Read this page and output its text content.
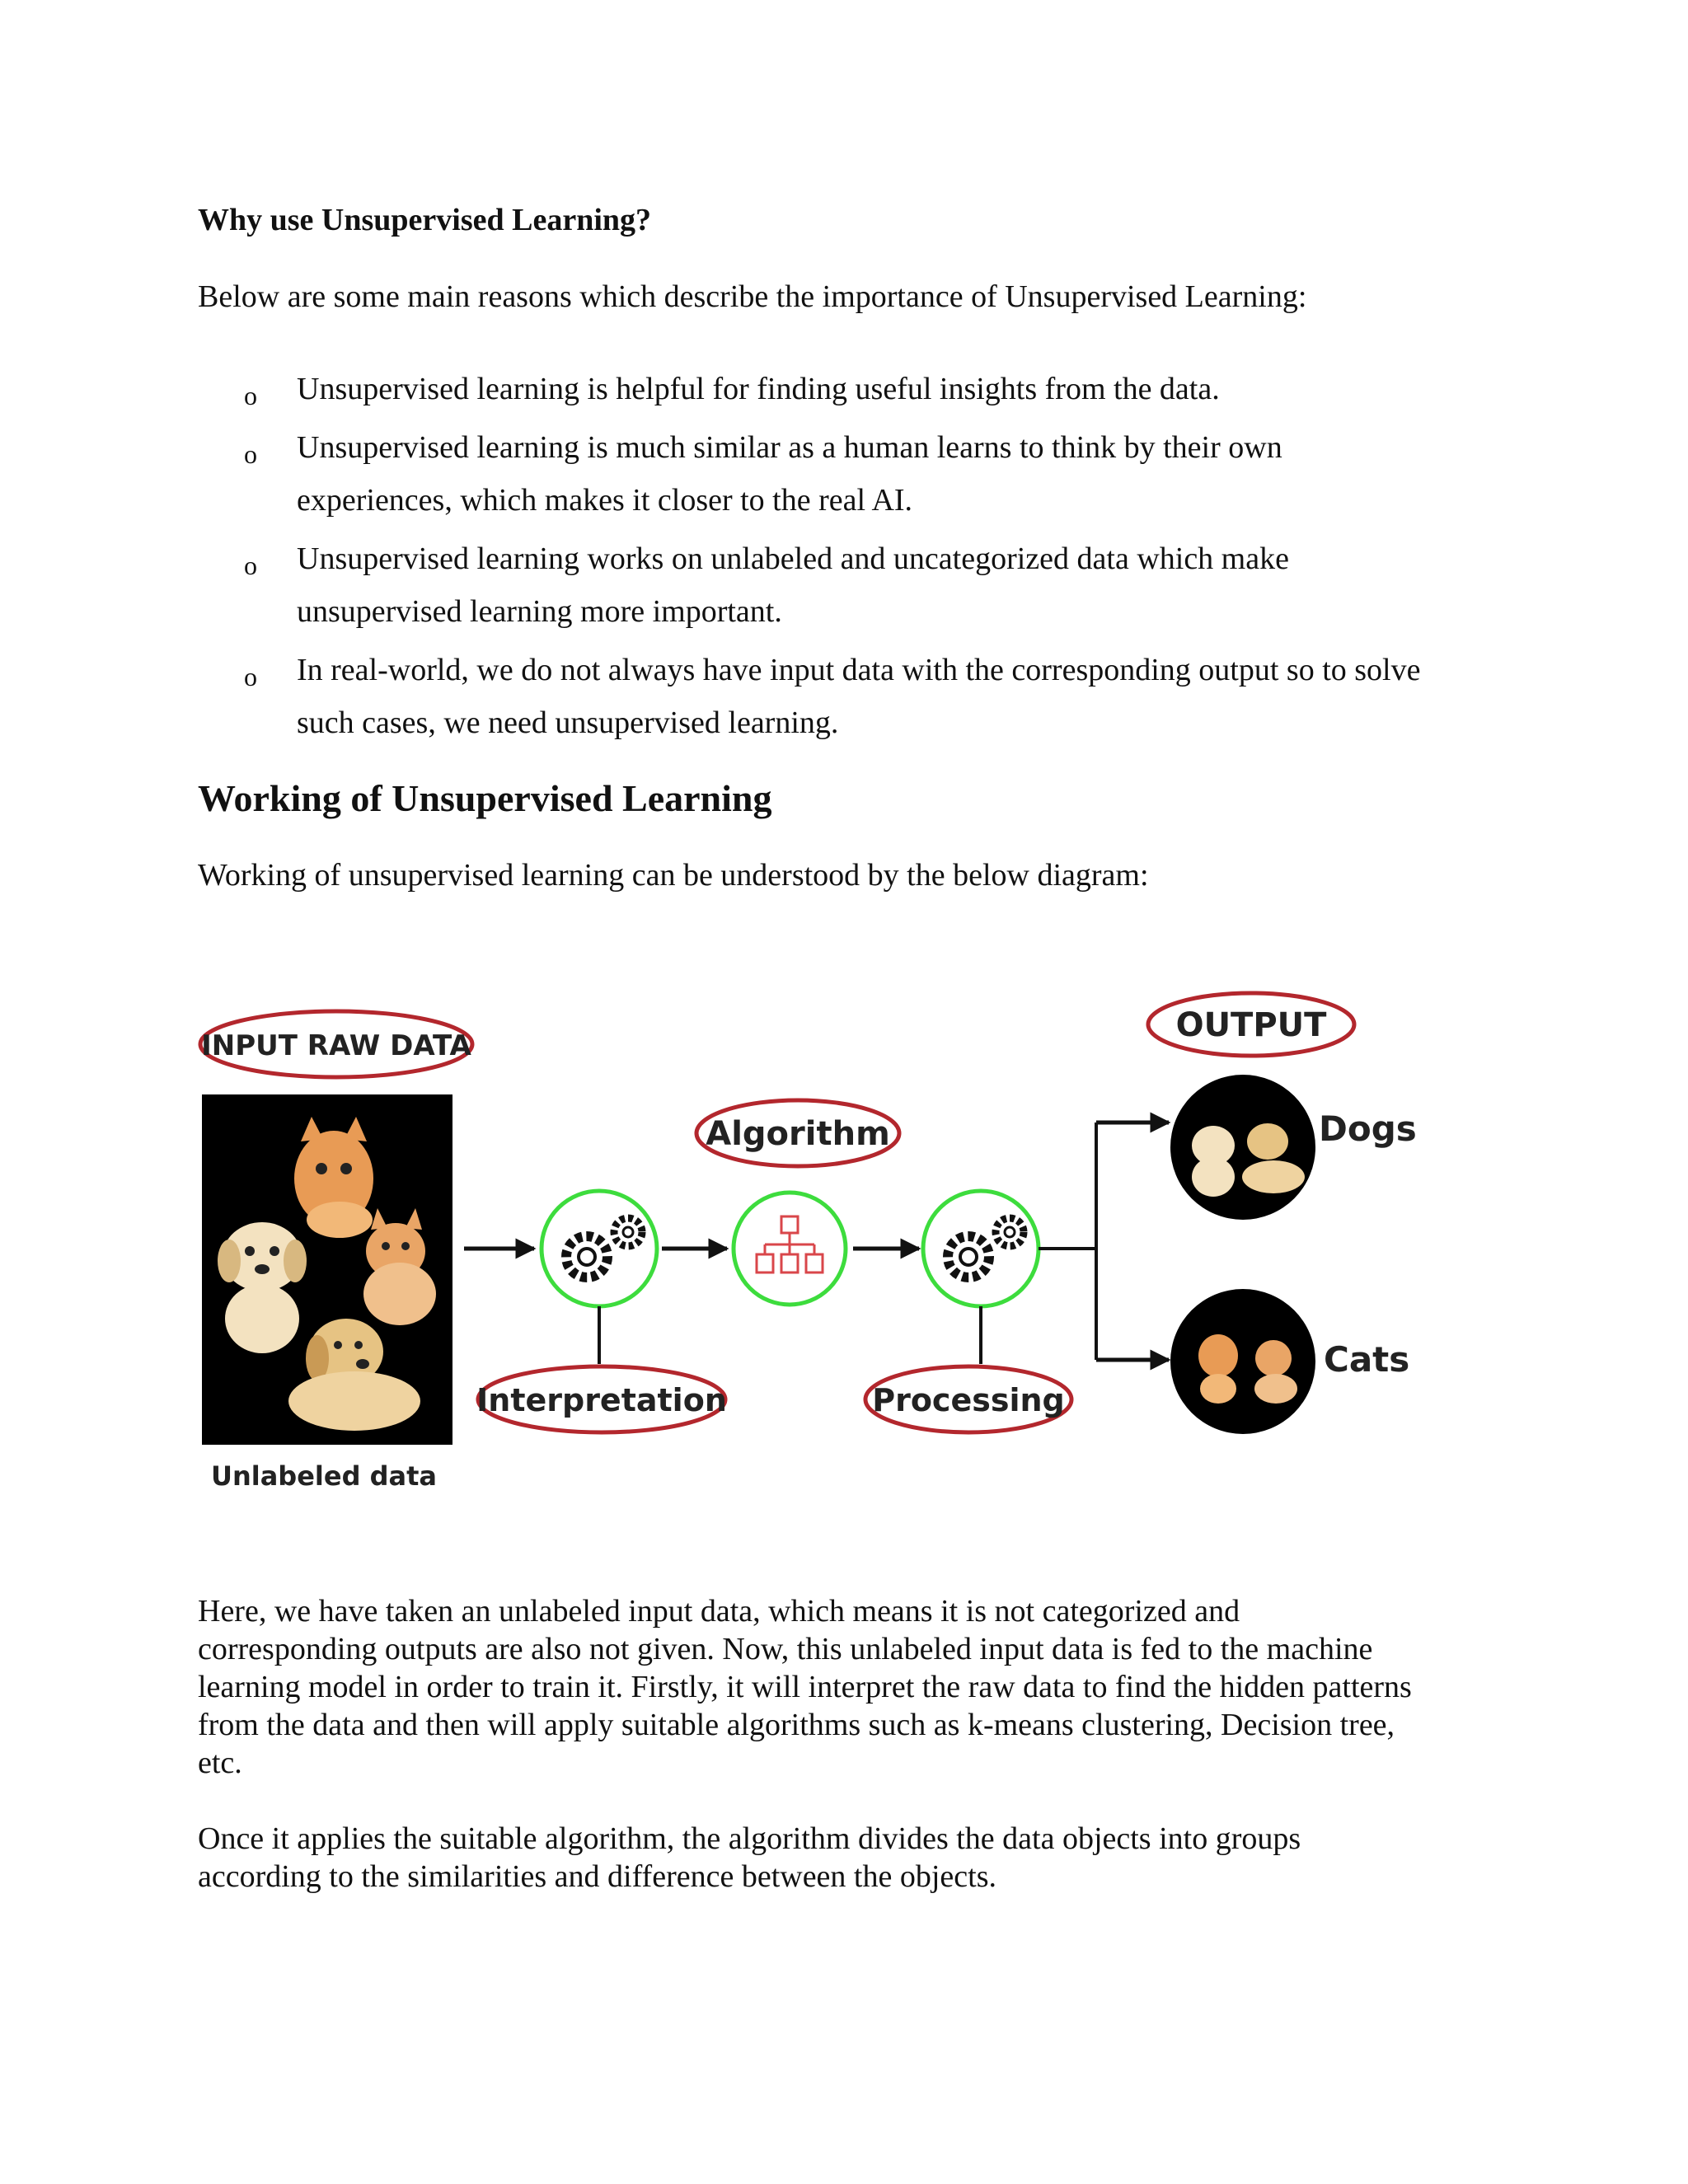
Why use Unsupervised Learning?
Below are some main reasons which describe the importance of Unsupervised Learning:
o Unsupervised learning is helpful for finding useful insights from the data.
o Unsupervised learning is much similar as a human learns to think by their own
experiences, which makes it closer to the real AI.
o Unsupervised learning works on unlabeled and uncategorized data which make
unsupervised learning more important.
o In real-world, we do not always have input data with the corresponding output so to solve
such cases, we need unsupervised learning.
Working of Unsupervised Learning
Working of unsupervised learning can be understood by the below diagram:
Here, we have taken an unlabeled input data, which means it is not categorized and
corresponding outputs are also not given. Now, this unlabeled input data is fed to the machine
learning model in order to train it. Firstly, it will interpret the raw data to find the hidden patterns
from the data and then will apply suitable algorithms such as k-means clustering, Decision tree,
etc.
Once it applies the suitable algorithm, the algorithm divides the data objects into groups
according to the similarities and difference between the objects.
INPUT RAW DATA
Unlabeled data
Algorithm
Interpretation	Processing
OUTPUT
Dogs
Cats
